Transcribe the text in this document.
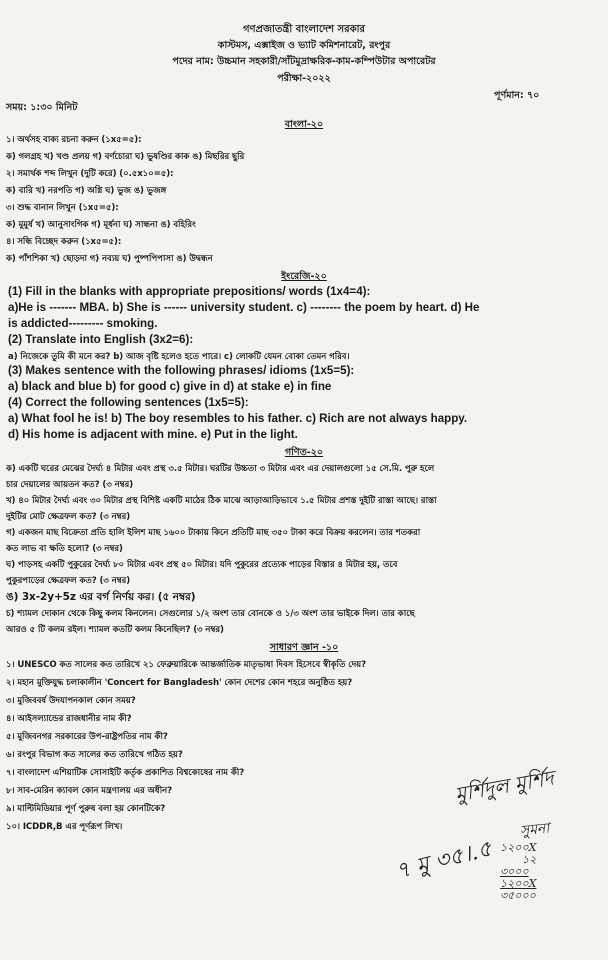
গণপ্রজাতন্ত্রী বাংলাদেশ সরকার
কাস্টমস, এক্সাইজ ও ভ্যাট কমিশনারেট, রংপুর
পদের নাম: উচ্চমান সহকারী/সাঁটমুদ্রাক্ষরিক-কাম-কম্পিউটার অপারেটর
পরীক্ষা-২০২২
সময়: ১:৩০ মিনিট
পূর্ণমান: ৭০
বাংলা-২০
১। অর্থসহ বাক্য রচনা করুন (১x৫=৫):
ক) গলগ্রহ খ) খণ্ড প্রলয় গ) বর্ণচোরা ঘ) ভুষণ্ডির কাক ঙ) মিছরির ছুরি
২। সমার্থক শব্দ লিখুন (দুটি করে) (০.৫x১০=৫):
ক) বারি খ) নরপতি গ) অগ্নি ঘ) ভুজ ঙ) ভুজঙ্গ
৩। শুদ্ধ বানান লিখুন (১x৫=৫):
ক) মুমুর্ষ খ) আনুসাংগিক গ) মূর্ধনা ঘ) সান্ধনা ঙ) বহিরিং
৪। সন্ধি বিচ্ছেদ করুন (১x৫=৫):
ক) পাঁশশিকা খ) ছোড়দা গ) নব্যয় ঘ) পুষ্পপিপাসা ঙ) উদ্বন্ধন
ইংরেজি-২০
(1) Fill in the blanks with appropriate prepositions/ words (1x4=4):
a)He is ------- MBA. b) She is ------ university student. c) -------- the poem by heart. d) He
is addicted--------- smoking.
(2) Translate into English (3x2=6):
a) নিজেকে তুমি কী মনে কর? b) আজ বৃষ্টি হলেও হতে পারে। c) লোকটি যেমন বোকা তেমন গরিব।
(3) Makes sentence with the following phrases/ idioms (1x5=5):
a) black and blue b) for good c) give in d) at stake e) in fine
(4) Correct the following sentences (1x5=5):
a) What fool he is! b) The boy resembles to his father. c) Rich are not always happy.
d) His home is adjacent with mine. e) Put in the light.
গণিত-২০
ক) একটি ঘরের মেঝের দৈর্ঘ্য ৪ মিটার এবং প্রস্থ ৩.৫ মিটার। ঘরটির উচ্চতা ৩ মিটার এবং এর দেয়ালগুলো ১৫ সে.মি. পুরু হলে
চার দেয়ালের আয়তন কত? (৩ নম্বর)
খ) ৪০ মিটার দৈর্ঘ্য এবং ৩০ মিটার প্রস্থ বিশিষ্ট একটি মাঠের ঠিক মাঝে আড়াআড়িভাবে ১.৫ মিটার প্রশস্ত দুইটি রাস্তা আছে। রাস্তা
দুইটির মোট ক্ষেত্রফল কত? (৩ নম্বর)
গ) একজন মাছ বিক্রেতা প্রতি হালি ইলিশ মাছ ১৬০০ টাকায় কিনে প্রতিটি মাছ ৩৫০ টাকা করে বিক্রয় করলেন। তার শতকরা
কত লাভ বা ক্ষতি হলো? (৩ নম্বর)
ঘ) পাড়সহ একটি পুকুরের দৈর্ঘ্য ৮০ মিটার এবং প্রস্থ ৫০ মিটার। যদি পুকুরের প্রত্যেক পাড়ের বিস্তার ৪ মিটার হয়, তবে
পুকুরপাড়ের ক্ষেত্রফল কত? (৩ নম্বর)
ঙ) 3x-2y+5z এর বর্গ নির্ণয় কর। (৫ নম্বর)
চ) শ্যামল দোকান থেকে কিছু কলম কিনলেন। সেগুলোর ১/২ অংশ তার বোনকে ও ১/৩ অংশ তার ভাইকে দিল। তার কাছে
আরও ৫ টি কলম রইল। শ্যামল কতটি কলম কিনেছিল? (৩ নম্বর)
সাধারণ জ্ঞান -১০
১। UNESCO কত সালের কত তারিখে ২১ ফেব্রুয়ারিকে আন্তর্জাতিক মাতৃভাষা দিবস হিসেবে স্বীকৃতি দেয়?
২। মহান মুক্তিযুদ্ধ চলাকালীন 'Concert for Bangladesh' কোন দেশের কোন শহরে অনুষ্ঠিত হয়?
৩। মুজিববর্ষ উদযাপনকাল কোন সময়?
৪। আইসল্যান্ডের রাজধানীর নাম কী?
৫। মুজিবনগর সরকারের উপ-রাষ্ট্রপতির নাম কী?
৬। রংপুর বিভাগ কত সালের কত তারিখে গঠিত হয়?
৭। বাংলাদেশ এশিয়াটিক সোসাইটি কর্তৃক প্রকাশিত বিশ্বকোষের নাম কী?
৮। সাব-মেরিন ক্যাবল কোন মন্ত্রণালয় এর অধীন?
৯। মাল্টিমিডিয়ার পূর্ণ পুরুষ বলা হয় কোনটিকে?
১০। ICDDR,B এর পূর্ণরূপ লিখ।
মুর্শিদুল মুর্শিদ
সুমনা
৭ মু ৩৫।.৫ ১২০০X
১২
৩০০০
১২০০X
৩৫০০০
